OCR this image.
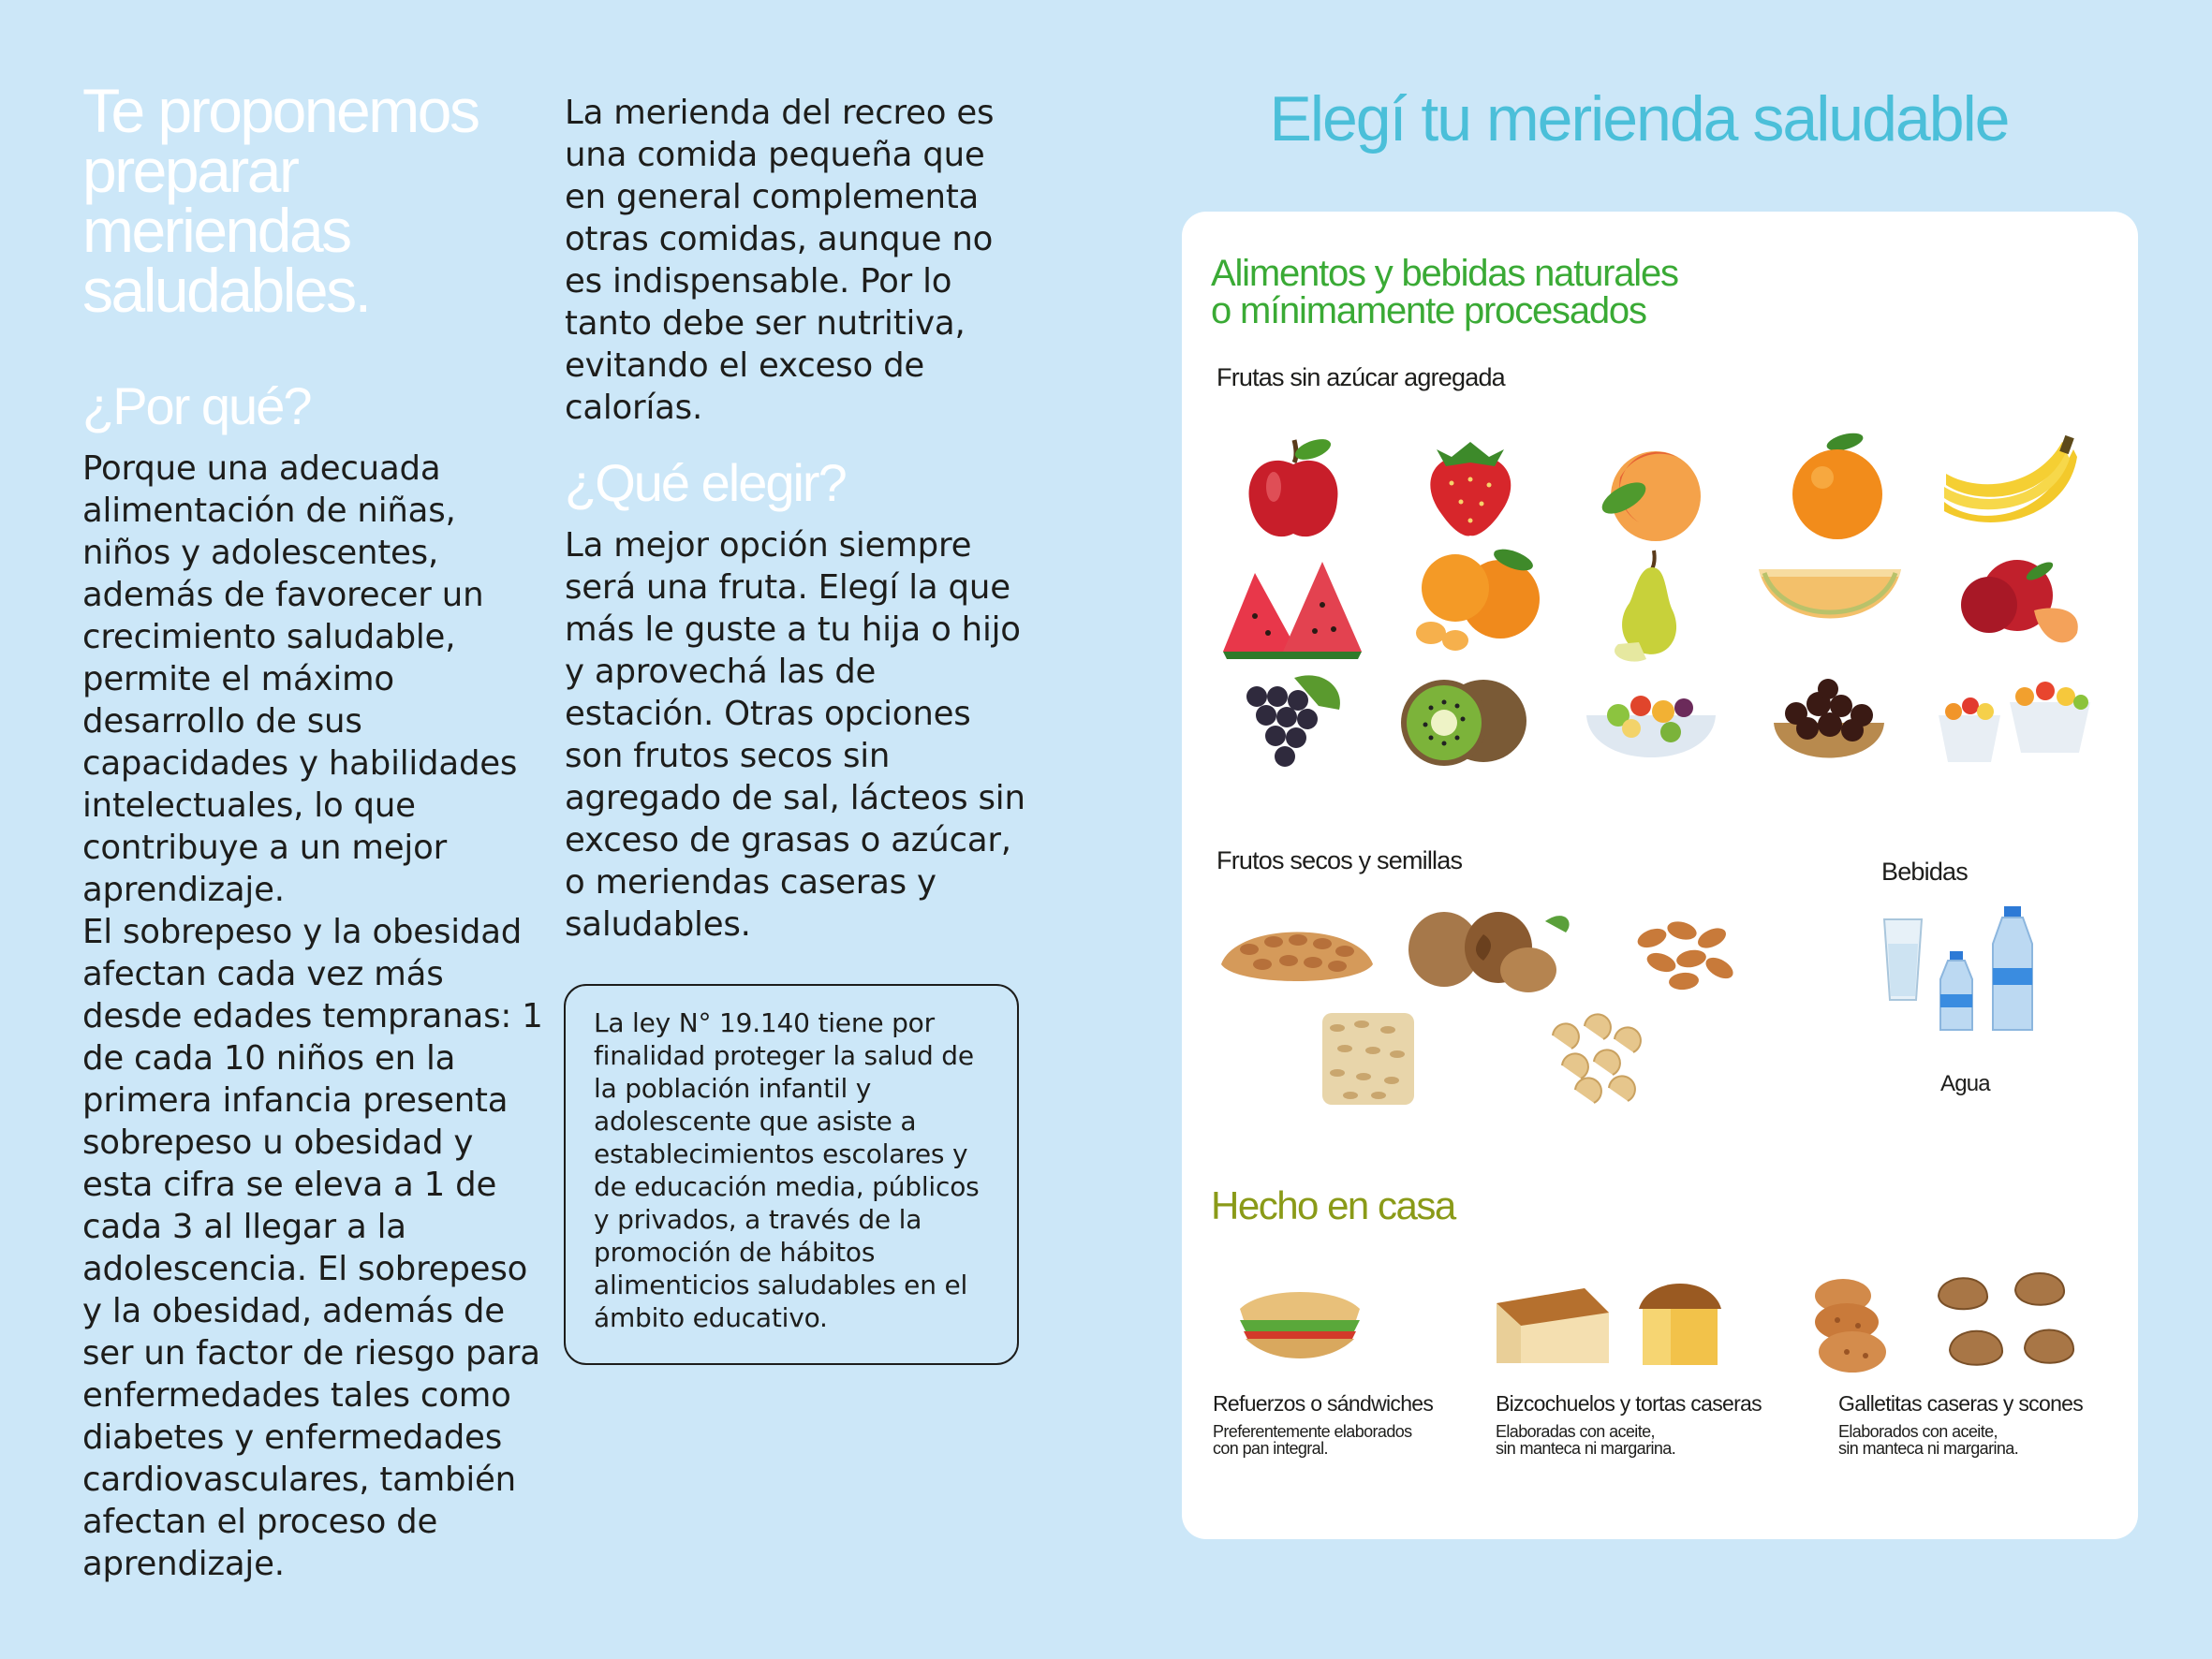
Te proponemos
preparar
meriendas
saludables.
¿Por qué?

Porque una adecuada alimentación de niñas, niños y adolescentes, además de favorecer un crecimiento saludable, permite el máximo desarrollo de sus capacidades y habilidades intelectuales, lo que contribuye a un mejor aprendizaje.

El sobrepeso y la obesidad afectan cada vez más desde edades tempranas: 1 de cada 10 niños en la primera infancia presenta sobrepeso u obesidad y esta cifra se eleva a 1 de cada 3 al llegar a la adolescencia. El sobrepeso y la obesidad, además de ser un factor de riesgo para enfermedades tales como diabetes y enfermedades cardiovasculares, también afectan el proceso de aprendizaje.

La merienda del recreo es una comida pequeña que en general complementa otras comidas, aunque no es indispensable. Por lo tanto debe ser nutritiva, evitando el exceso de calorías.
¿Qué elegir?
La mejor opción siempre será una fruta. Elegí la que más le guste a tu hija o hijo y aprovechá las de estación. Otras opciones son frutos secos sin agregado de sal, lácteos sin exceso de grasas o azúcar, o meriendas caseras y saludables.
La ley N° 19.140 tiene por finalidad proteger la salud de la población infantil y adolescente que asiste a establecimientos escolares y de educación media, públicos y privados, a través de la promoción de hábitos alimenticios saludables en el ámbito educativo.
Elegí tu merienda saludable
Alimentos y bebidas naturales
o mínimamente procesados
Frutas sin azúcar agregada
Frutos secos y semillas	Bebidas
Agua
Hecho en casa
Refuerzos o sándwiches
Preferentemente elaborados
con pan integral.
Bizcochuelos y tortas caseras
Elaboradas con aceite,
sin manteca ni margarina.
Galletitas caseras y scones
Elaborados con aceite,
sin manteca ni margarina.
